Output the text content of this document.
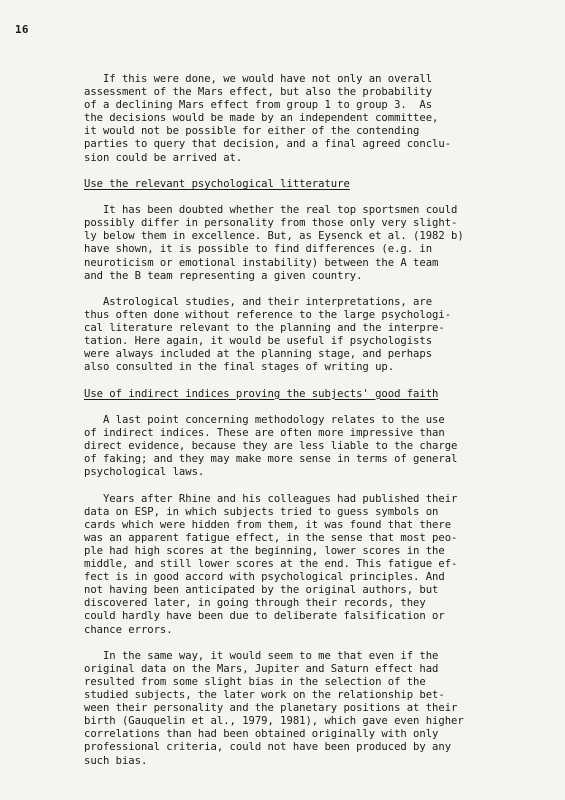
16
If this were done, we would have not only an overall
assessment of the Mars effect, but also the probability
of a declining Mars effect from group 1 to group 3.  As
the decisions would be made by an independent committee,
it would not be possible for either of the contending
parties to query that decision, and a final agreed conclu-
sion could be arrived at.
Use the relevant psychological litterature
It has been doubted whether the real top sportsmen could
possibly differ in personality from those only very slight-
ly below them in excellence. But, as Eysenck et al. (1982 b)
have shown, it is possible to find differences (e.g. in
neuroticism or emotional instability) between the A team
and the B team representing a given country.
Astrological studies, and their interpretations, are
thus often done without reference to the large psychologi-
cal literature relevant to the planning and the interpre-
tation. Here again, it would be useful if psychologists
were always included at the planning stage, and perhaps
also consulted in the final stages of writing up.
Use of indirect indices proving the subjects' good faith
A last point concerning methodology relates to the use
of indirect indices. These are often more impressive than
direct evidence, because they are less liable to the charge
of faking; and they may make more sense in terms of general
psychological laws.
Years after Rhine and his colleagues had published their
data on ESP, in which subjects tried to guess symbols on
cards which were hidden from them, it was found that there
was an apparent fatigue effect, in the sense that most peo-
ple had high scores at the beginning, lower scores in the
middle, and still lower scores at the end. This fatigue ef-
fect is in good accord with psychological principles. And
not having been anticipated by the original authors, but
discovered later, in going through their records, they
could hardly have been due to deliberate falsification or
chance errors.
In the same way, it would seem to me that even if the
original data on the Mars, Jupiter and Saturn effect had
resulted from some slight bias in the selection of the
studied subjects, the later work on the relationship bet-
ween their personality and the planetary positions at their
birth (Gauquelin et al., 1979, 1981), which gave even higher
correlations than had been obtained originally with only
professional criteria, could not have been produced by any
such bias.
